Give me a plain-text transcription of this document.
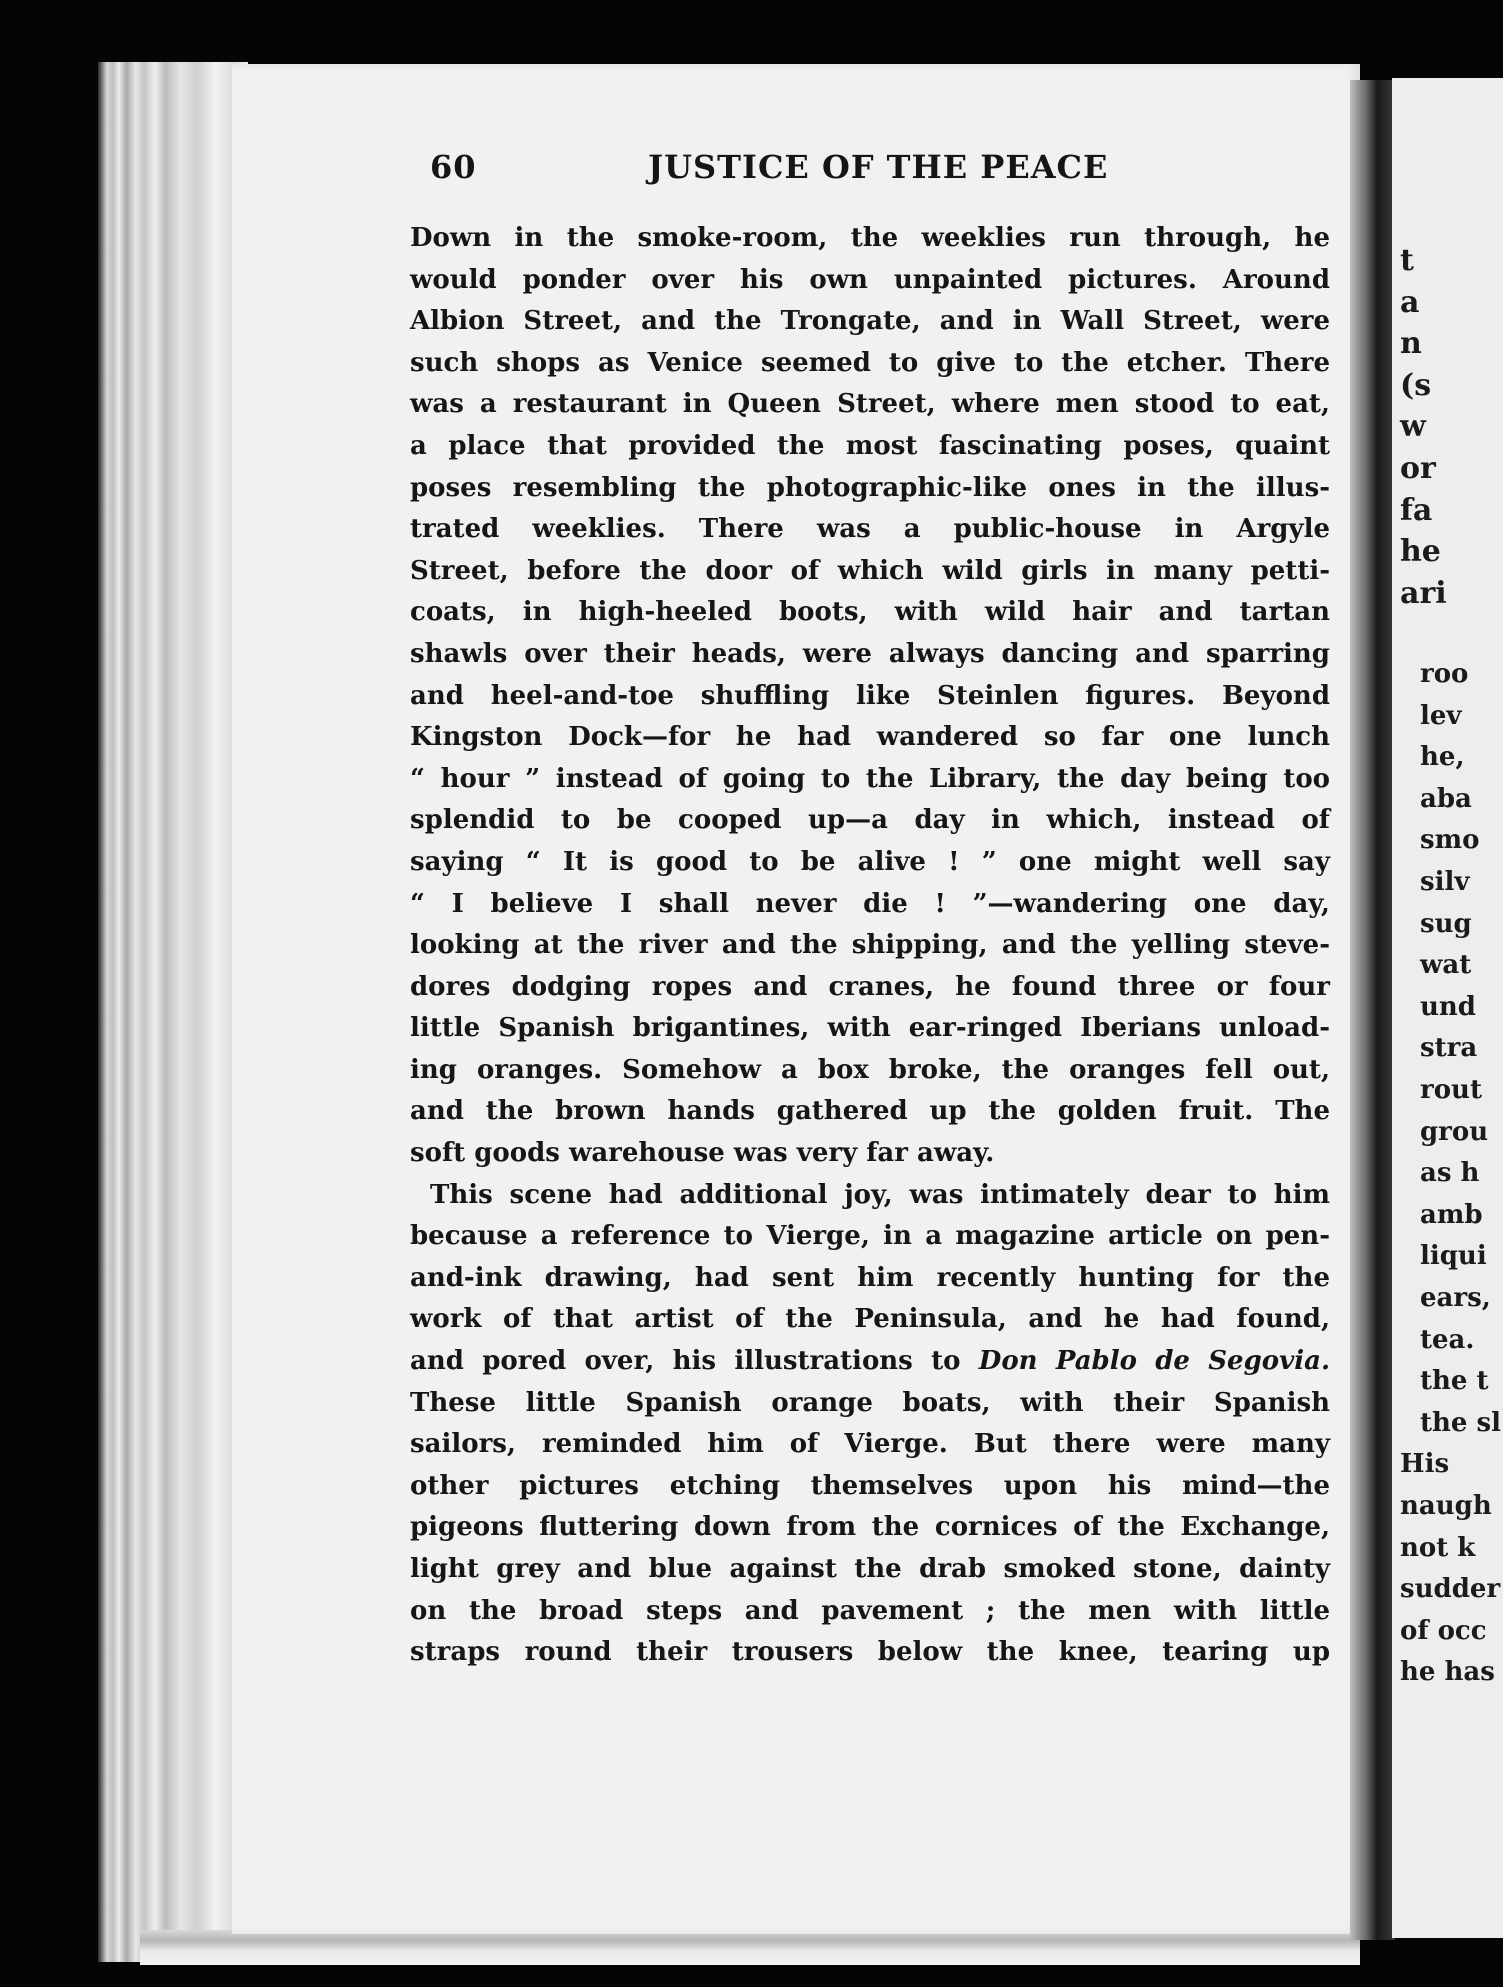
t
a
n
(s
w
or
fa
he
ari
roo
lev
he,
aba
smo
silv
sug
wat
und
stra
rout
grou
as h
amb
liqui
ears,
tea.
the t
the sl
His
naugh
not k
sudder
of occ
he has
60	JUSTICE OF THE PEACE
Down in the smoke-room, the weeklies run through, he
would ponder over his own unpainted pictures. Around
Albion Street, and the Trongate, and in Wall Street, were
such shops as Venice seemed to give to the etcher. There
was a restaurant in Queen Street, where men stood to eat,
a place that provided the most fascinating poses, quaint
poses resembling the photographic-like ones in the illus-
trated weeklies. There was a public-house in Argyle
Street, before the door of which wild girls in many petti-
coats, in high-heeled boots, with wild hair and tartan
shawls over their heads, were always dancing and sparring
and heel-and-toe shuffling like Steinlen figures. Beyond
Kingston Dock—for he had wandered so far one lunch
“ hour ” instead of going to the Library, the day being too
splendid to be cooped up—a day in which, instead of
saying “ It is good to be alive ! ” one might well say
“ I believe I shall never die ! ”—wandering one day,
looking at the river and the shipping, and the yelling steve-
dores dodging ropes and cranes, he found three or four
little Spanish brigantines, with ear-ringed Iberians unload-
ing oranges. Somehow a box broke, the oranges fell out,
and the brown hands gathered up the golden fruit. The
soft goods warehouse was very far away.
This scene had additional joy, was intimately dear to him
because a reference to Vierge, in a magazine article on pen-
and-ink drawing, had sent him recently hunting for the
work of that artist of the Peninsula, and he had found,
and pored over, his illustrations to Don Pablo de Segovia.
These little Spanish orange boats, with their Spanish
sailors, reminded him of Vierge. But there were many
other pictures etching themselves upon his mind—the
pigeons fluttering down from the cornices of the Exchange,
light grey and blue against the drab smoked stone, dainty
on the broad steps and pavement ; the men with little
straps round their trousers below the knee, tearing up
